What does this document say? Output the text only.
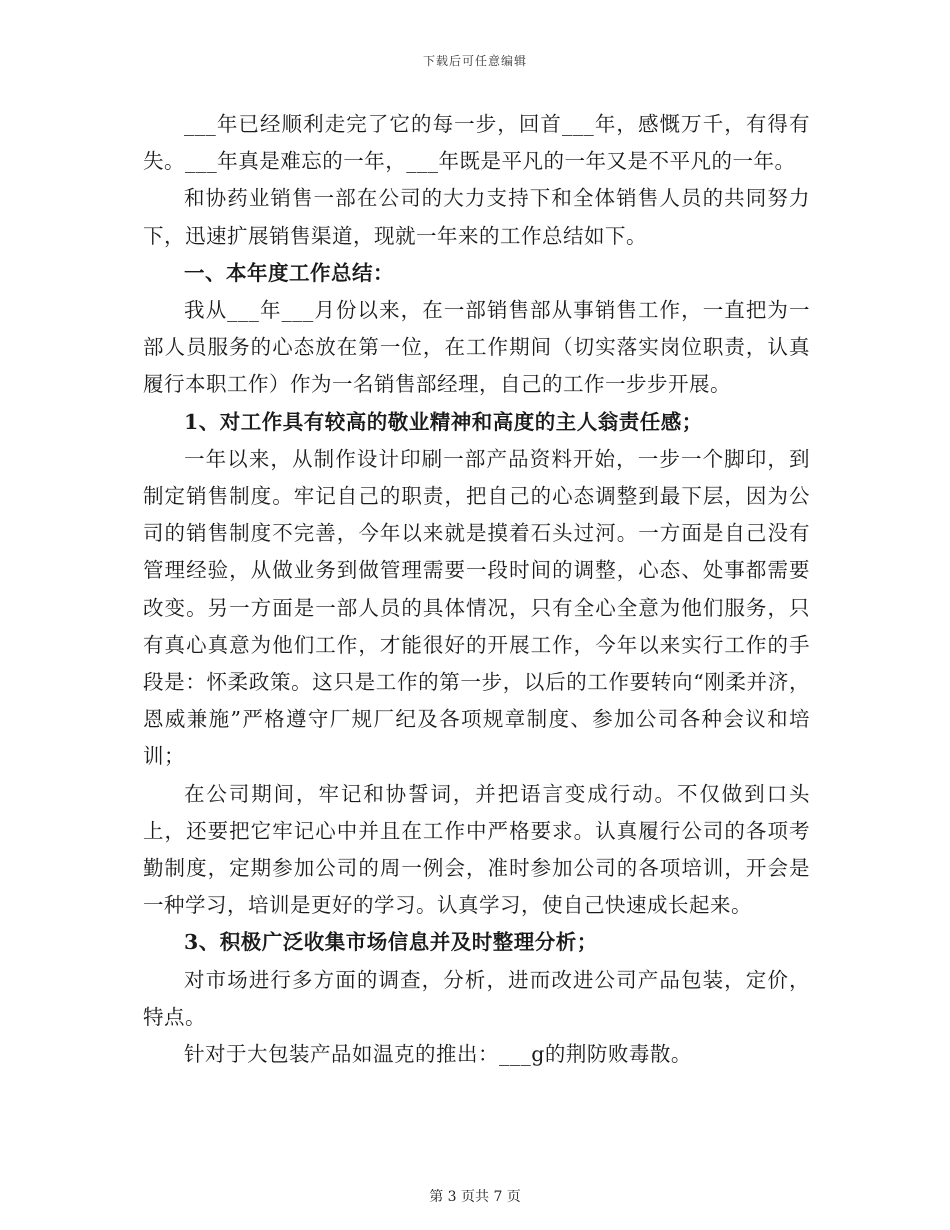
下载后可任意编辑

___年已经顺利走完了它的每一步，回首___年，感慨万千，有得有失。___年真是难忘的一年，___年既是平凡的一年又是不平凡的一年。

和协药业销售一部在公司的大力支持下和全体销售人员的共同努力下，迅速扩展销售渠道，现就一年来的工作总结如下。

一、本年度工作总结：

我从___年___月份以来，在一部销售部从事销售工作，一直把为一部人员服务的心态放在第一位，在工作期间（切实落实岗位职责，认真履行本职工作）作为一名销售部经理，自己的工作一步步开展。

1、对工作具有较高的敬业精神和高度的主人翁责任感；

一年以来，从制作设计印刷一部产品资料开始，一步一个脚印，到制定销售制度。牢记自己的职责，把自己的心态调整到最下层，因为公司的销售制度不完善，今年以来就是摸着石头过河。一方面是自己没有管理经验，从做业务到做管理需要一段时间的调整，心态、处事都需要改变。另一方面是一部人员的具体情况，只有全心全意为他们服务，只有真心真意为他们工作，才能很好的开展工作，今年以来实行工作的手段是：怀柔政策。这只是工作的第一步，以后的工作要转向“刚柔并济，恩威兼施”严格遵守厂规厂纪及各项规章制度、参加公司各种会议和培训；

在公司期间，牢记和协誓词，并把语言变成行动。不仅做到口头上，还要把它牢记心中并且在工作中严格要求。认真履行公司的各项考勤制度，定期参加公司的周一例会，准时参加公司的各项培训，开会是一种学习，培训是更好的学习。认真学习，使自己快速成长起来。

3、积极广泛收集市场信息并及时整理分析；

对市场进行多方面的调查，分析，进而改进公司产品包装，定价，特点。

针对于大包装产品如温克的推出：___g的荆防败毒散。

第 3 页共 7 页
